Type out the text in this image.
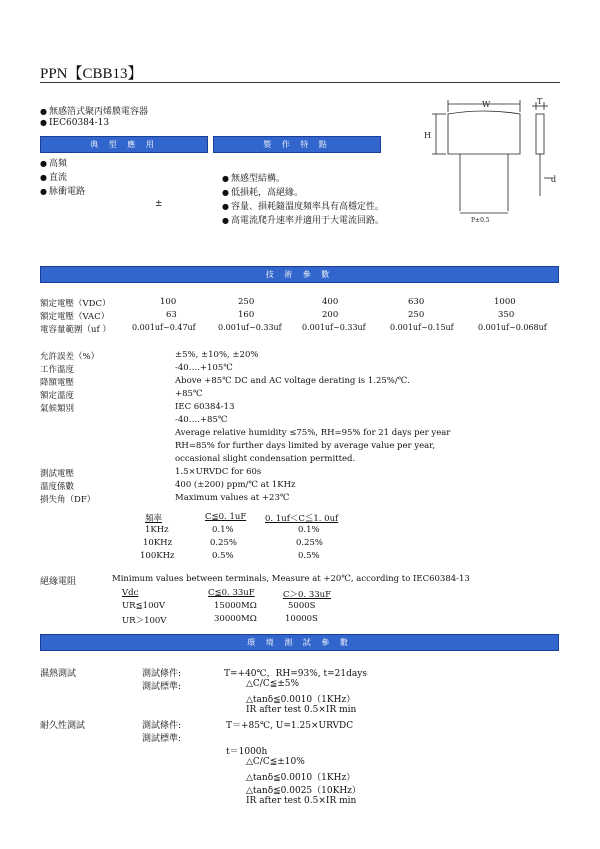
PPN【CBB13】
● 無感箔式聚丙烯膜電容器
● IEC60384-13
典 型 應 用	製 作 特 點
● 高頻
● 直流
● 脉衝電路
±
● 無感型結構。
● 低損耗，高絕緣。
● 容量、損耗隨溫度頻率具有高穩定性。
● 高電流爬升速率并適用于大電流回路。
W	T
H
d
P±0.5
技 術 參 數
額定電壓（VDC）	100	250	400	630	1000
額定電壓（VAC）	63	160	200	250	350
電容量範圍（uf ）	0.001uf~0.47uf	0.001uf~0.33uf	0.001uf~0.33uf	0.001uf~0.15uf	0.001uf~0.068uf
允許誤差（%）	±5%, ±10%, ±20%
工作溫度	-40….+105℃
降額電壓	Above +85℃ DC and AC voltage derating is 1.25%/℃.
額定溫度	+85℃
氣候類別	IEC 60384-13
-40….+85℃
Average relative humidity ≤75%, RH=95% for 21 days per year
RH=85% for further days limited by average value per year,
occasional slight condensation permitted.
測試電壓	1.5×URVDC for 60s
溫度係數	400 (±200) ppm/℃ at 1KHz
損失角（DF）	Maximum values at +23℃
頻率	C≦0. 1uF 0. 1uf＜C≦1. 0uf
1KHz	0.1%	0.1%
10KHz	0.25%	0.25%
100KHz	0.5%	0.5%
絕緣電阻	Minimum values between terminals, Measure at +20℃, according to IEC60384-13
Vdc	C≦0. 33uF	C＞0. 33uF
UR≦100V	15000MΩ	5000S
UR＞100V	30000MΩ	10000S
環 境 測 試 參 數
濕熱測試	測試條件:	T=+40℃，RH=93%, t=21days
測試標準:	△C/C≦±5%
△tanδ≦0.0010（1KHz）
IR after test 0.5×IR min
耐久性測試	測試條件:	T＝+85℃, U=1.25×URVDC
測試標準:
t＝1000h
△C/C≦±10%
△tanδ≦0.0010（1KHz）
△tanδ≦0.0025（10KHz）
IR after test 0.5×IR min
